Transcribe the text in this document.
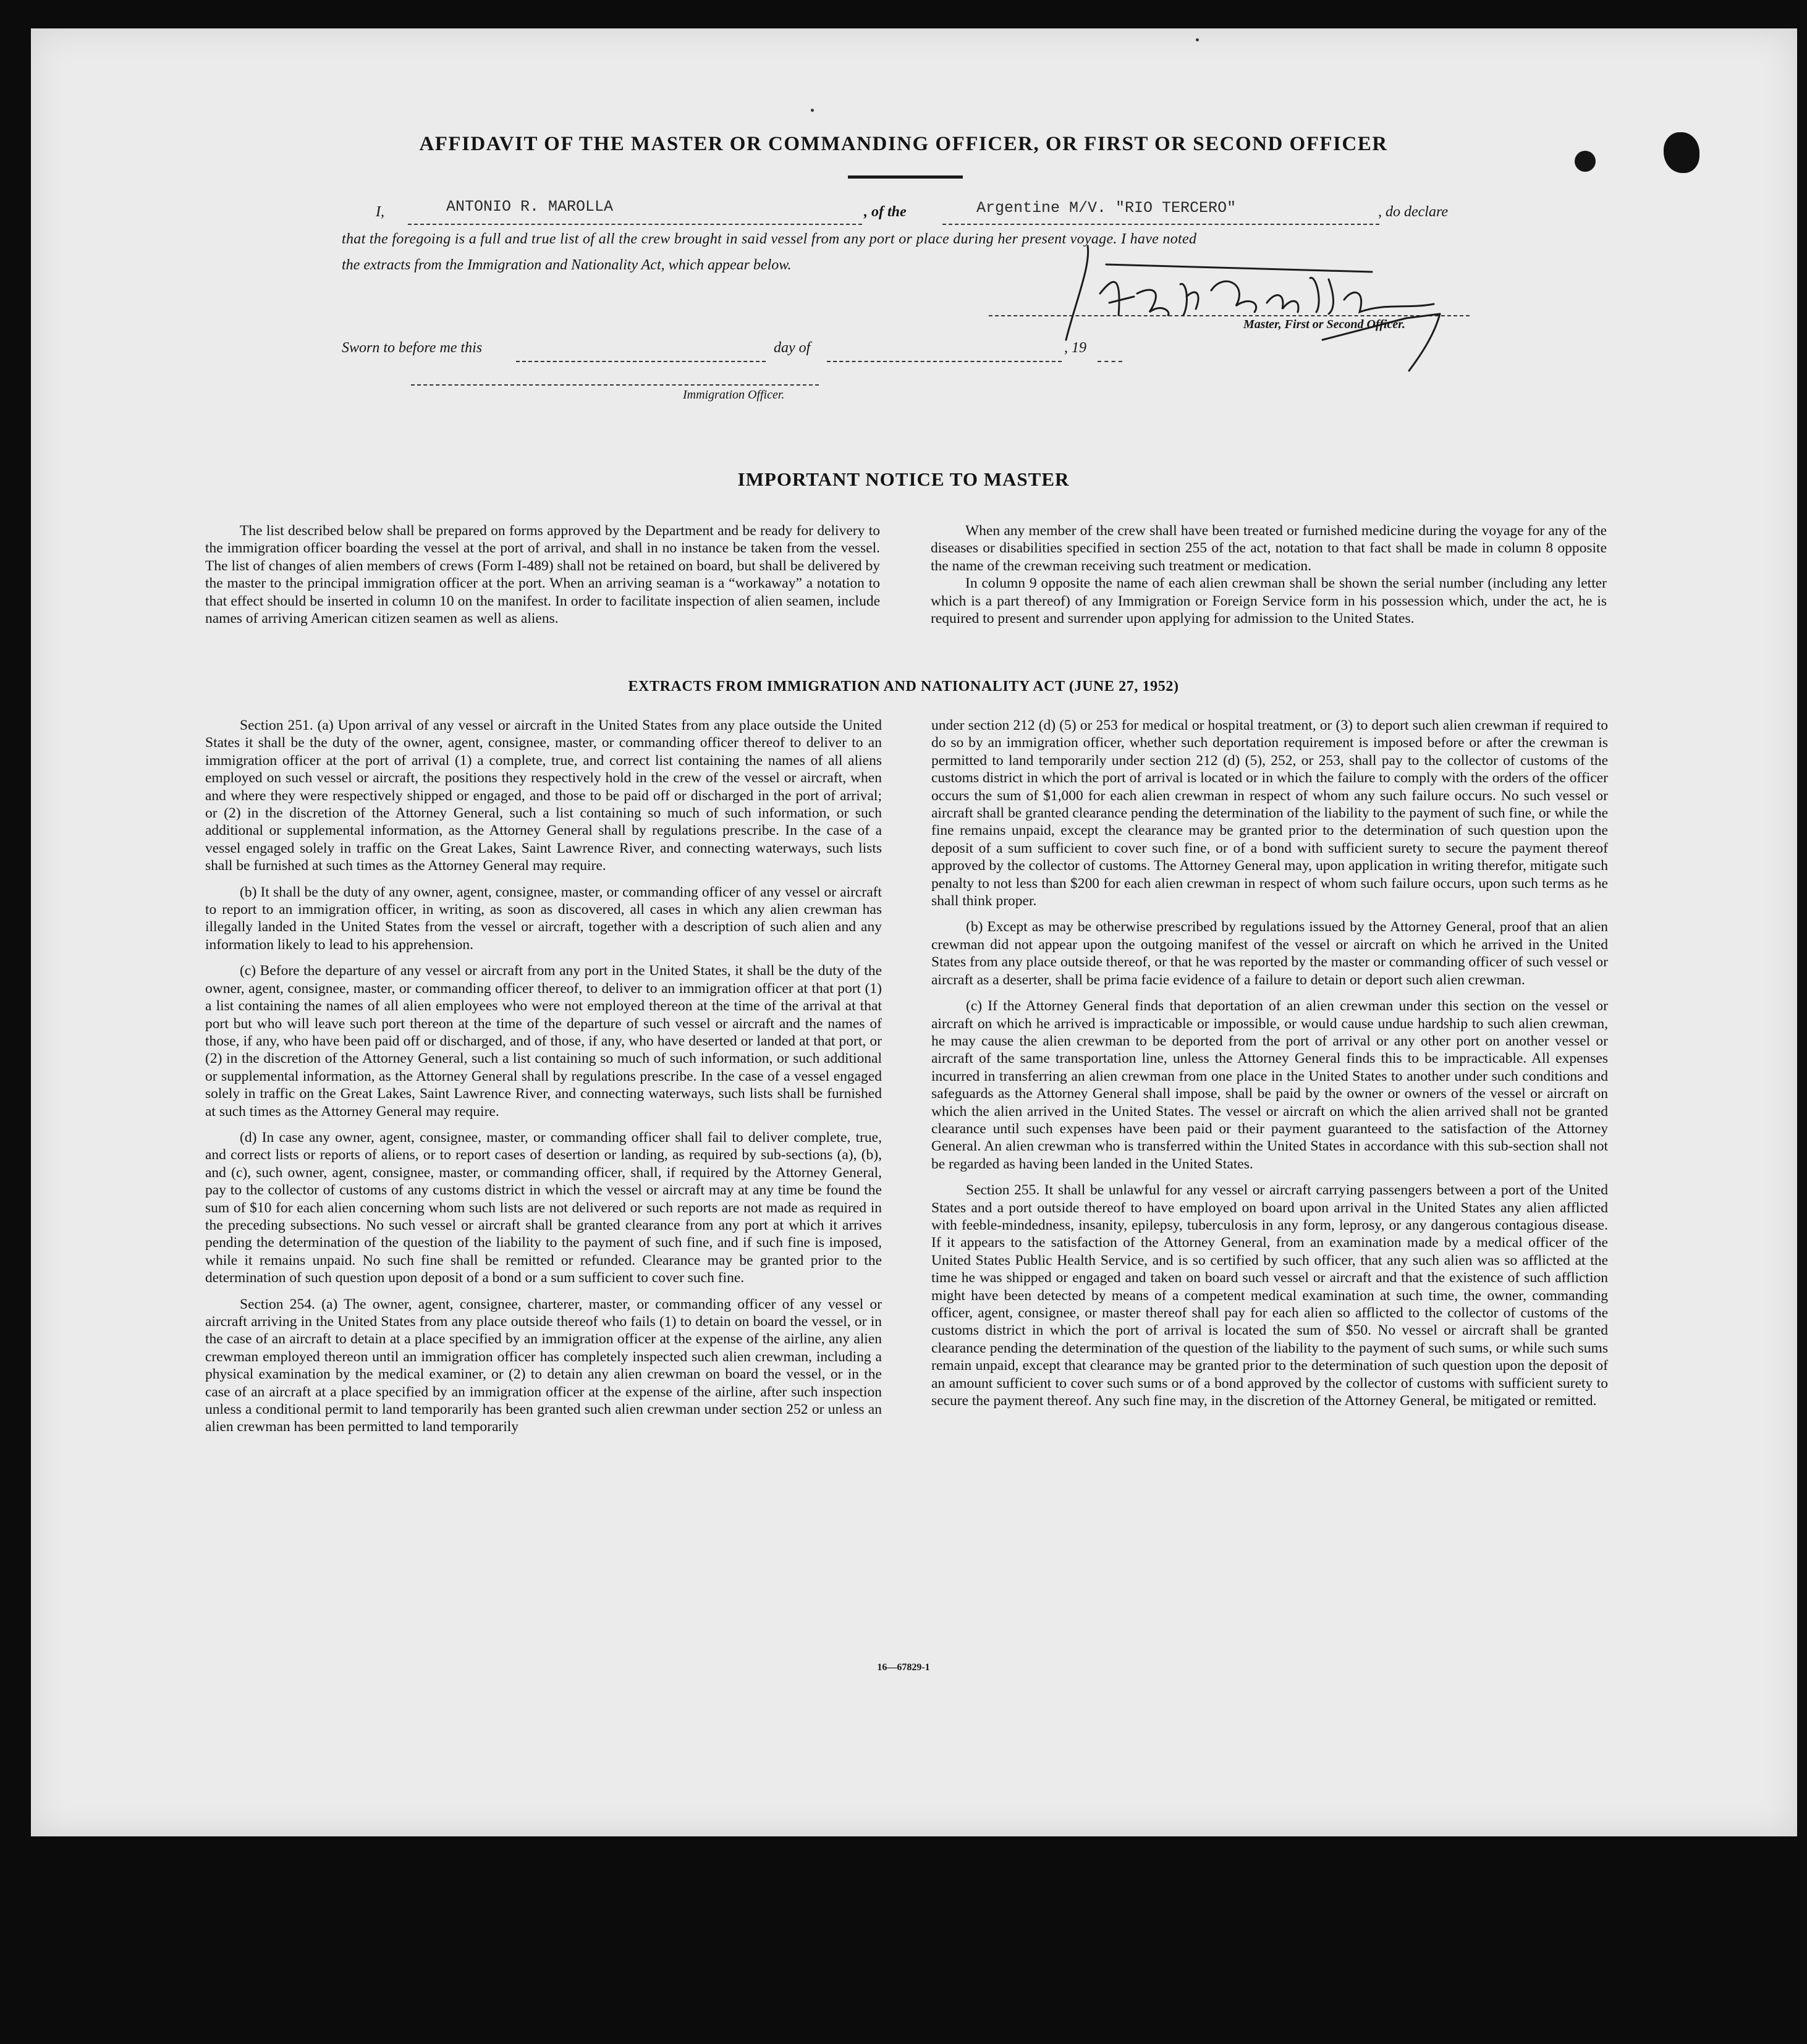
AFFIDAVIT OF THE MASTER OR COMMANDING OFFICER, OR FIRST OR SECOND OFFICER
I,	ANTONIO R. MAROLLA	, of the	Argentine M/V. "RIO TERCERO"	, do declare
that the foregoing is a full and true list of all the crew brought in said vessel from any port or place during her present voyage. I have noted
the extracts from the Immigration and Nationality Act, which appear below.
Master, First or Second Officer.
Sworn to before me this	day of	, 19
Immigration Officer.
IMPORTANT NOTICE TO MASTER

The list described below shall be prepared on forms approved by the Department and be ready for delivery to the immigration officer boarding the vessel at the port of arrival, and shall in no instance be taken from the vessel. The list of changes of alien members of crews (Form I-489) shall not be retained on board, but shall be delivered by the master to the principal immigration officer at the port. When an arriving seaman is a “workaway” a notation to that effect should be inserted in column 10 on the manifest. In order to facilitate inspection of alien seamen, include names of arriving American citizen seamen as well as aliens.

When any member of the crew shall have been treated or furnished medicine during the voyage for any of the diseases or disabilities specified in section 255 of the act, notation to that fact shall be made in column 8 opposite the name of the crewman receiving such treatment or medication.

In column 9 opposite the name of each alien crewman shall be shown the serial number (including any letter which is a part thereof) of any Immigration or Foreign Service form in his possession which, under the act, he is required to present and surrender upon applying for admission to the United States.

EXTRACTS FROM IMMIGRATION AND NATIONALITY ACT (JUNE 27, 1952)

Section 251. (a) Upon arrival of any vessel or aircraft in the United States from any place outside the United States it shall be the duty of the owner, agent, consignee, master, or commanding officer thereof to deliver to an immigration officer at the port of arrival (1) a complete, true, and correct list containing the names of all aliens employed on such vessel or aircraft, the positions they respectively hold in the crew of the vessel or aircraft, when and where they were respectively shipped or engaged, and those to be paid off or discharged in the port of arrival; or (2) in the discretion of the Attorney General, such a list containing so much of such information, or such additional or supplemental information, as the Attorney General shall by regulations prescribe. In the case of a vessel engaged solely in traffic on the Great Lakes, Saint Lawrence River, and connecting waterways, such lists shall be furnished at such times as the Attorney General may require.

(b) It shall be the duty of any owner, agent, consignee, master, or commanding officer of any vessel or aircraft to report to an immigration officer, in writing, as soon as discovered, all cases in which any alien crewman has illegally landed in the United States from the vessel or aircraft, together with a description of such alien and any information likely to lead to his apprehension.

(c) Before the departure of any vessel or aircraft from any port in the United States, it shall be the duty of the owner, agent, consignee, master, or commanding officer thereof, to deliver to an immigration officer at that port (1) a list containing the names of all alien employees who were not employed thereon at the time of the arrival at that port but who will leave such port thereon at the time of the departure of such vessel or aircraft and the names of those, if any, who have been paid off or discharged, and of those, if any, who have deserted or landed at that port, or (2) in the discretion of the Attorney General, such a list containing so much of such information, or such additional or supplemental information, as the Attorney General shall by regulations prescribe. In the case of a vessel engaged solely in traffic on the Great Lakes, Saint Lawrence River, and connecting waterways, such lists shall be furnished at such times as the Attorney General may require.

(d) In case any owner, agent, consignee, master, or commanding officer shall fail to deliver complete, true, and correct lists or reports of aliens, or to report cases of desertion or landing, as required by sub-sections (a), (b), and (c), such owner, agent, consignee, master, or commanding officer, shall, if required by the Attorney General, pay to the collector of customs of any customs district in which the vessel or aircraft may at any time be found the sum of $10 for each alien concerning whom such lists are not delivered or such reports are not made as required in the preceding subsections. No such vessel or aircraft shall be granted clearance from any port at which it arrives pending the determination of the question of the liability to the payment of such fine, and if such fine is imposed, while it remains unpaid. No such fine shall be remitted or refunded. Clearance may be granted prior to the determination of such question upon deposit of a bond or a sum sufficient to cover such fine.

Section 254. (a) The owner, agent, consignee, charterer, master, or commanding officer of any vessel or aircraft arriving in the United States from any place outside thereof who fails (1) to detain on board the vessel, or in the case of an aircraft to detain at a place specified by an immigration officer at the expense of the airline, any alien crewman employed thereon until an immigration officer has completely inspected such alien crewman, including a physical examination by the medical examiner, or (2) to detain any alien crewman on board the vessel, or in the case of an aircraft at a place specified by an immigration officer at the expense of the airline, after such inspection unless a conditional permit to land temporarily has been granted such alien crewman under section 252 or unless an alien crewman has been permitted to land temporarily

under section 212 (d) (5) or 253 for medical or hospital treatment, or (3) to deport such alien crewman if required to do so by an immigration officer, whether such deportation requirement is imposed before or after the crewman is permitted to land temporarily under section 212 (d) (5), 252, or 253, shall pay to the collector of customs of the customs district in which the port of arrival is located or in which the failure to comply with the orders of the officer occurs the sum of $1,000 for each alien crewman in respect of whom any such failure occurs. No such vessel or aircraft shall be granted clearance pending the determination of the liability to the payment of such fine, or while the fine remains unpaid, except the clearance may be granted prior to the determination of such question upon the deposit of a sum sufficient to cover such fine, or of a bond with sufficient surety to secure the payment thereof approved by the collector of customs. The Attorney General may, upon application in writing therefor, mitigate such penalty to not less than $200 for each alien crewman in respect of whom such failure occurs, upon such terms as he shall think proper.

(b) Except as may be otherwise prescribed by regulations issued by the Attorney General, proof that an alien crewman did not appear upon the outgoing manifest of the vessel or aircraft on which he arrived in the United States from any place outside thereof, or that he was reported by the master or commanding officer of such vessel or aircraft as a deserter, shall be prima facie evidence of a failure to detain or deport such alien crewman.

(c) If the Attorney General finds that deportation of an alien crewman under this section on the vessel or aircraft on which he arrived is impracticable or impossible, or would cause undue hardship to such alien crewman, he may cause the alien crewman to be deported from the port of arrival or any other port on another vessel or aircraft of the same transportation line, unless the Attorney General finds this to be impracticable. All expenses incurred in transferring an alien crewman from one place in the United States to another under such conditions and safeguards as the Attorney General shall impose, shall be paid by the owner or owners of the vessel or aircraft on which the alien arrived in the United States. The vessel or aircraft on which the alien arrived shall not be granted clearance until such expenses have been paid or their payment guaranteed to the satisfaction of the Attorney General. An alien crewman who is transferred within the United States in accordance with this sub-section shall not be regarded as having been landed in the United States.

Section 255. It shall be unlawful for any vessel or aircraft carrying passengers between a port of the United States and a port outside thereof to have employed on board upon arrival in the United States any alien afflicted with feeble-mindedness, insanity, epilepsy, tuberculosis in any form, leprosy, or any dangerous contagious disease. If it appears to the satisfaction of the Attorney General, from an examination made by a medical officer of the United States Public Health Service, and is so certified by such officer, that any such alien was so afflicted at the time he was shipped or engaged and taken on board such vessel or aircraft and that the existence of such affliction might have been detected by means of a competent medical examination at such time, the owner, commanding officer, agent, consignee, or master thereof shall pay for each alien so afflicted to the collector of customs of the customs district in which the port of arrival is located the sum of $50. No vessel or aircraft shall be granted clearance pending the determination of the question of the liability to the payment of such sums, or while such sums remain unpaid, except that clearance may be granted prior to the determination of such question upon the deposit of an amount sufficient to cover such sums or of a bond approved by the collector of customs with sufficient surety to secure the payment thereof. Any such fine may, in the discretion of the Attorney General, be mitigated or remitted.

16—67829-1
